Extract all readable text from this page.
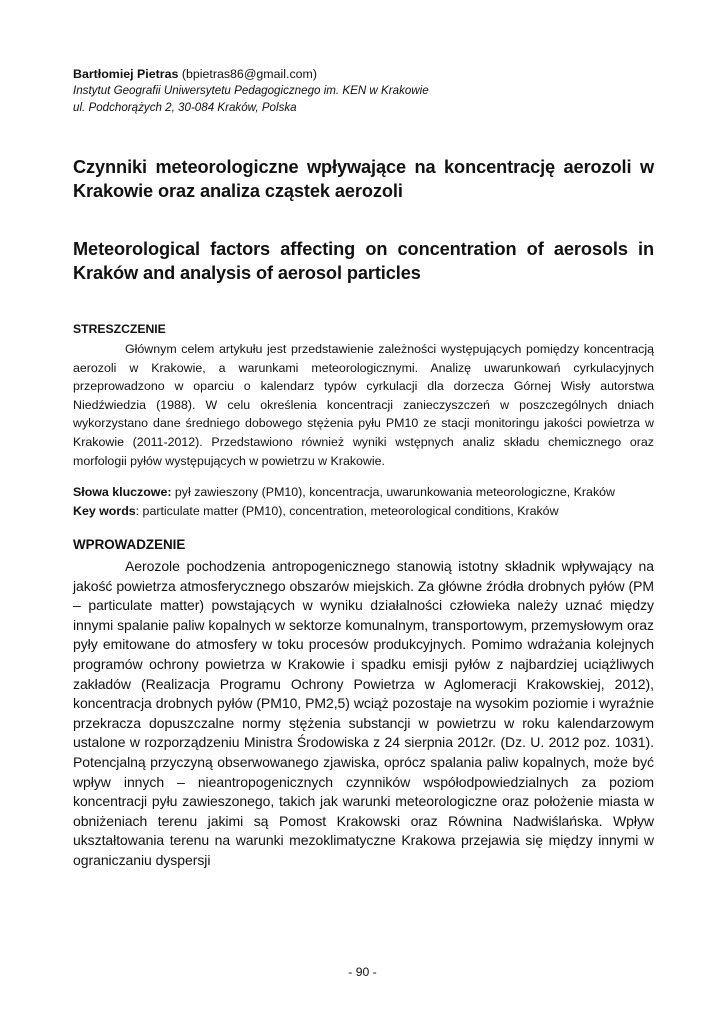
Bartłomiej Pietras (bpietras86@gmail.com)
Instytut Geografii Uniwersytetu Pedagogicznego im. KEN w Krakowie
ul. Podchorążych 2, 30-084 Kraków, Polska
Czynniki meteorologiczne wpływające na koncentrację aerozoli w Krakowie oraz analiza cząstek aerozoli
Meteorological factors affecting on concentration of aerosols in Kraków and analysis of aerosol particles
STRESZCZENIE

Głównym celem artykułu jest przedstawienie zależności występujących pomiędzy koncentracją aerozoli w Krakowie, a warunkami meteorologicznymi. Analizę uwarunkowań cyrkulacyjnych przeprowadzono w oparciu o kalendarz typów cyrkulacji dla dorzecza Górnej Wisły autorstwa Niedźwiedzia (1988). W celu określenia koncentracji zanieczyszczeń w poszczególnych dniach wykorzystano dane średniego dobowego stężenia pyłu PM10 ze stacji monitoringu jakości powietrza w Krakowie (2011-2012). Przedstawiono również wyniki wstępnych analiz składu chemicznego oraz morfologii pyłów występujących w powietrzu w Krakowie.

Słowa kluczowe: pył zawieszony (PM10), koncentracja, uwarunkowania meteorologiczne, Kraków

Key words: particulate matter (PM10), concentration, meteorological conditions, Kraków

WPROWADZENIE

Aerozole pochodzenia antropogenicznego stanowią istotny składnik wpływający na jakość powietrza atmosferycznego obszarów miejskich. Za główne źródła drobnych pyłów (PM – particulate matter) powstających w wyniku działalności człowieka należy uznać między innymi spalanie paliw kopalnych w sektorze komunalnym, transportowym, przemysłowym oraz pyły emitowane do atmosfery w toku procesów produkcyjnych. Pomimo wdrażania kolejnych programów ochrony powietrza w Krakowie i spadku emisji pyłów z najbardziej uciążliwych zakładów (Realizacja Programu Ochrony Powietrza w Aglomeracji Krakowskiej, 2012), koncentracja drobnych pyłów (PM10, PM2,5) wciąż pozostaje na wysokim poziomie i wyraźnie przekracza dopuszczalne normy stężenia substancji w powietrzu w roku kalendarzowym ustalone w rozporządzeniu Ministra Środowiska z 24 sierpnia 2012r. (Dz. U. 2012 poz. 1031). Potencjalną przyczyną obserwowanego zjawiska, oprócz spalania paliw kopalnych, może być wpływ innych – nieantropogenicznych czynników współodpowiedzialnych za poziom koncentracji pyłu zawieszonego, takich jak warunki meteorologiczne oraz położenie miasta w obniżeniach terenu jakimi są Pomost Krakowski oraz Równina Nadwiślańska. Wpływ ukształtowania terenu na warunki mezoklimatyczne Krakowa przejawia się między innymi w ograniczaniu dyspersji

- 90 -
